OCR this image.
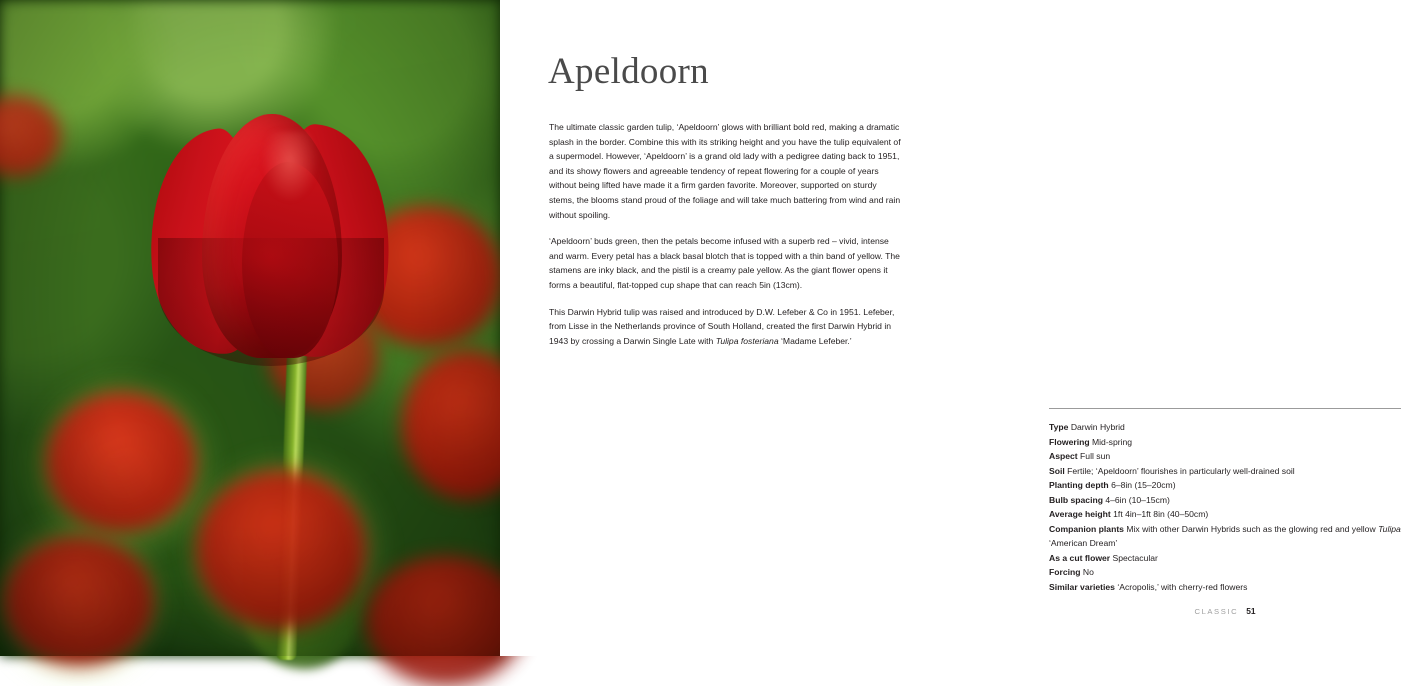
Apeldoorn

The ultimate classic garden tulip, ‘Apeldoorn’ glows with brilliant bold red, making a dramatic splash in the border. Combine this with its striking height and you have the tulip equivalent of a supermodel. However, ‘Apeldoorn’ is a grand old lady with a pedigree dating back to 1951, and its showy flowers and agreeable tendency of repeat flowering for a couple of years without being lifted have made it a firm garden favorite. Moreover, supported on sturdy stems, the blooms stand proud of the foliage and will take much battering from wind and rain without spoiling.

‘Apeldoorn’ buds green, then the petals become infused with a superb red – vivid, intense and warm. Every petal has a black basal blotch that is topped with a thin band of yellow. The stamens are inky black, and the pistil is a creamy pale yellow. As the giant flower opens it forms a beautiful, flat-topped cup shape that can reach 5in (13cm).

This Darwin Hybrid tulip was raised and introduced by D.W. Lefeber & Co in 1951. Lefeber, from Lisse in the Netherlands province of South Holland, created the first Darwin Hybrid in 1943 by crossing a Darwin Single Late with Tulipa fosteriana ‘Madame Lefeber.’

Type Darwin Hybrid
Flowering Mid-spring
Aspect Full sun
Soil Fertile; ‘Apeldoorn’ flourishes in particularly well-drained soil
Planting depth 6–8in (15–20cm)
Bulb spacing 4–6in (10–15cm)
Average height 1ft 4in–1ft 8in (40–50cm)
Companion plants Mix with other Darwin Hybrids such as the glowing red and yellow Tulipa ‘American Dream’
As a cut flower Spectacular
Forcing No
Similar varieties ‘Acropolis,’ with cherry-red flowers
CLASSIC 51
